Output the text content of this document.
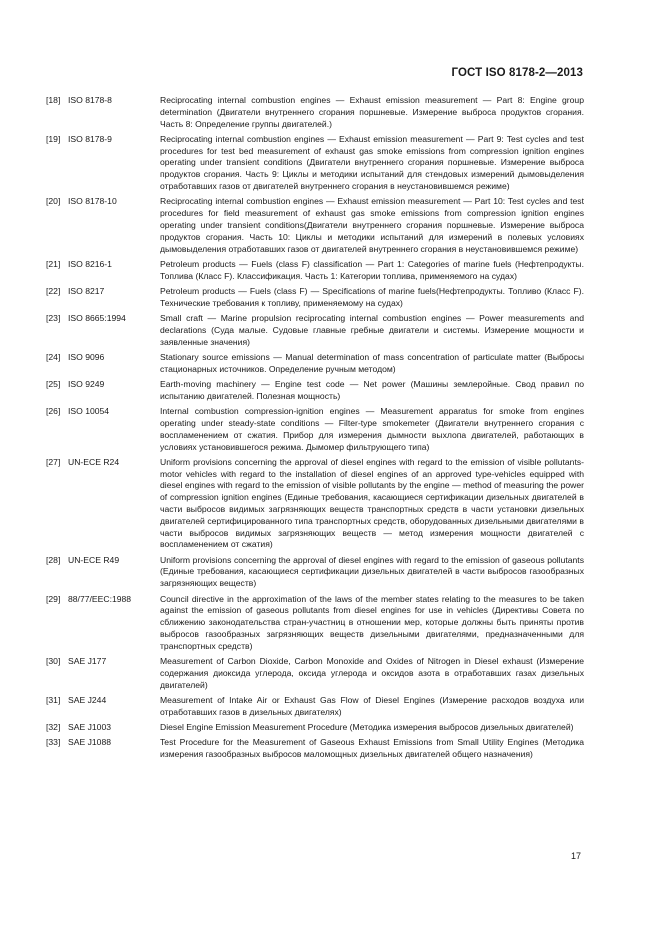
ГОСТ ISO 8178-2—2013
[18] ISO 8178-8	Reciprocating internal combustion engines — Exhaust emission measurement — Part 8: Engine group determination (Двигатели внутреннего сгорания поршневые. Измерение выброса продуктов сгорания. Часть 8: Определение группы двигателей.)
[19] ISO 8178-9	Reciprocating internal combustion engines — Exhaust emission measurement — Part 9: Test cycles and test procedures for test bed measurement of exhaust gas smoke emissions from compression ignition engines operating under transient conditions (Двигатели внутреннего сгорания поршневые. Измерение выброса продуктов сгорания. Часть 9: Циклы и методики испытаний для стендовых измерений дымовыделения отработавших газов от двигателей внутреннего сгорания в неустановившемся режиме)
[20] ISO 8178-10	Reciprocating internal combustion engines — Exhaust emission measurement — Part 10: Test cycles and test procedures for field measurement of exhaust gas smoke emissions from compression ignition engines operating under transient conditions(Двигатели внутреннего сгорания поршневые. Измерение выброса продуктов сгорания. Часть 10: Циклы и методики испытаний для измерений в полевых условиях дымовыделения отработавших газов от двигателей внутреннего сгорания в неустановившемся режиме)
[21] ISO 8216-1	Petroleum products — Fuels (class F) classification — Part 1: Categories of marine fuels (Нефтепродукты. Топлива (Класс F). Классификация. Часть 1: Категории топлива, применяемого на судах)
[22] ISO 8217	Petroleum products — Fuels (class F) — Specifications of marine fuels(Нефтепродукты. Топливо (Класс F). Технические требования к топливу, применяемому на судах)
[23] ISO 8665:1994	Small craft — Marine propulsion reciprocating internal combustion engines — Power measurements and declarations (Суда малые. Судовые главные гребные двигатели и системы. Измерение мощности и заявленные значения)
[24] ISO 9096	Stationary source emissions — Manual determination of mass concentration of particulate matter (Выбросы стационарных источников. Определение ручным методом)
[25] ISO 9249	Earth-moving machinery — Engine test code — Net power (Машины землеройные. Свод правил по испытанию двигателей. Полезная мощность)
[26] ISO 10054	Internal combustion compression-ignition engines — Measurement apparatus for smoke from engines operating under steady-state conditions — Filter-type smokemeter (Двигатели внутреннего сгорания с воспламенением от сжатия. Прибор для измерения дымности выхлопа двигателей, работающих в условиях установившегося режима. Дымомер фильтрующего типа)
[27] UN-ECE R24	Uniform provisions concerning the approval of diesel engines with regard to the emission of visible pollutants-motor vehicles with regard to the installation of diesel engines of an approved type-vehicles equipped with diesel engines with regard to the emission of visible pollutants by the engine — method of measuring the power of compression ignition engines (Единые требования, касающиеся сертификации дизельных двигателей в части выбросов видимых загрязняющих веществ транспортных средств в части установки дизельных двигателей сертифицированного типа транспортных средств, оборудованных дизельными двигателями в части выбросов видимых загрязняющих веществ — метод измерения мощности двигателей с воспламенением от сжатия)
[28] UN-ECE R49	Uniform provisions concerning the approval of diesel engines with regard to the emission of gaseous pollutants (Единые требования, касающиеся сертификации дизельных двигателей в части выбросов газообразных загрязняющих веществ)
[29] 88/77/EEC:1988	Council directive in the approximation of the laws of the member states relating to the measures to be taken against the emission of gaseous pollutants from diesel engines for use in vehicles (Директивы Совета по сближению законодательства стран-участниц в отношении мер, которые должны быть приняты против выбросов газообразных загрязняющих веществ дизельными двигателями, предназначенными для транспортных средств)
[30] SAE J177	Measurement of Carbon Dioxide, Carbon Monoxide and Oxides of Nitrogen in Diesel exhaust (Измерение содержания диоксида углерода, оксида углерода и оксидов азота в отработавших газах дизельных двигателей)
[31] SAE J244	Measurement of Intake Air or Exhaust Gas Flow of Diesel Engines (Измерение расходов воздуха или отработавших газов в дизельных двигателях)
[32] SAE J1003	Diesel Engine Emission Measurement Procedure (Методика измерения выбросов дизельных двигателей)
[33] SAE J1088	Test Procedure for the Measurement of Gaseous Exhaust Emissions from Small Utility Engines (Методика измерения газообразных выбросов маломощных дизельных двигателей общего назначения)
17
